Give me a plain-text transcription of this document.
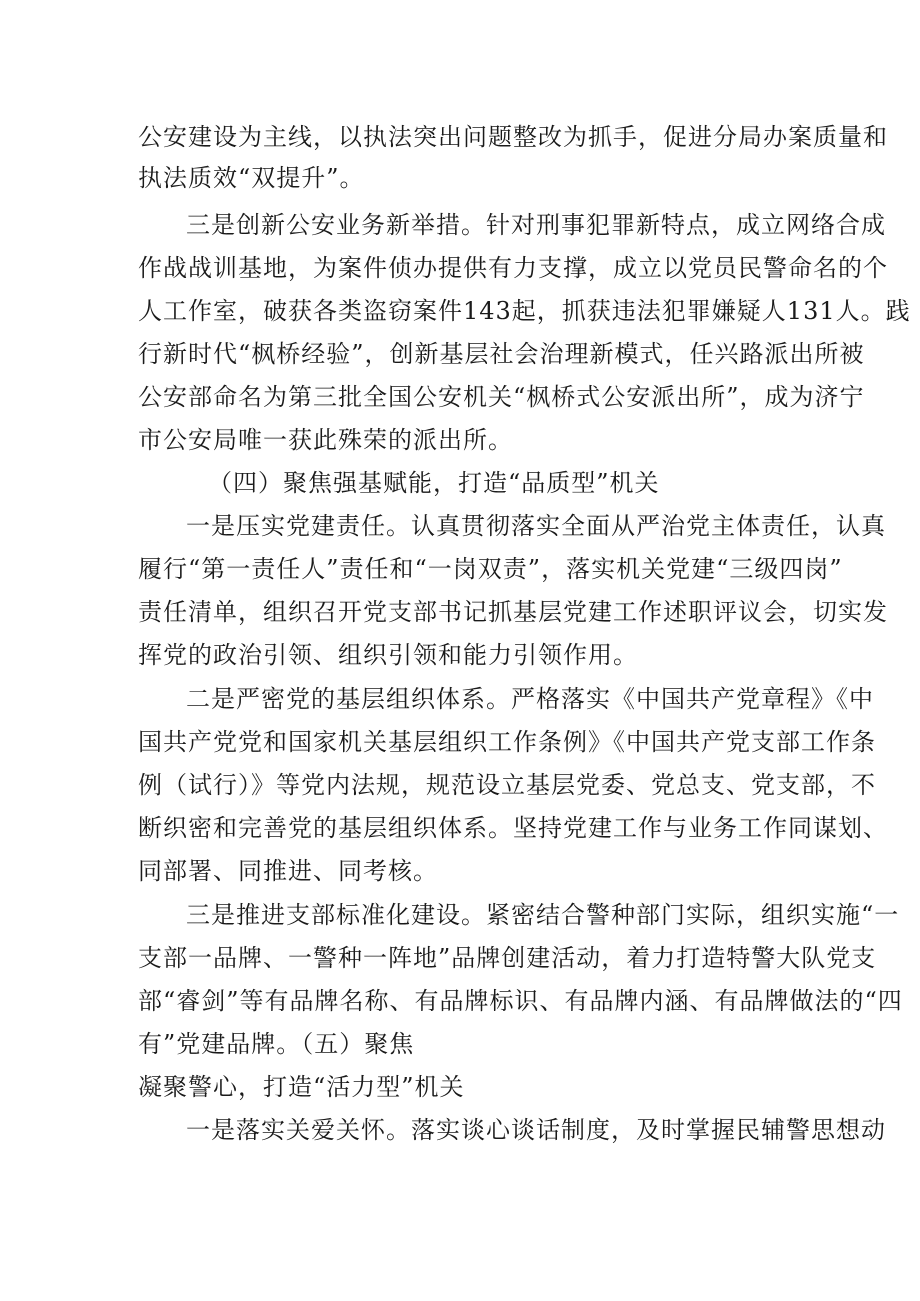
公安建设为主线，以执法突出问题整改为抓手，促进分局办案质量和
执法质效“双提升”。
三是创新公安业务新举措。针对刑事犯罪新特点，成立网络合成
作战战训基地，为案件侦办提供有力支撑，成立以党员民警命名的个
人工作室，破获各类盗窃案件143起，抓获违法犯罪嫌疑人131人。践
行新时代“枫桥经验”，创新基层社会治理新模式，任兴路派出所被
公安部命名为第三批全国公安机关“枫桥式公安派出所”，成为济宁
市公安局唯一获此殊荣的派出所。
（四）聚焦强基赋能，打造“品质型”机关
一是压实党建责任。认真贯彻落实全面从严治党主体责任，认真
履行“第一责任人”责任和“一岗双责”，落实机关党建“三级四岗”
责任清单，组织召开党支部书记抓基层党建工作述职评议会，切实发
挥党的政治引领、组织引领和能力引领作用。
二是严密党的基层组织体系。严格落实《中国共产党章程》《中
国共产党党和国家机关基层组织工作条例》《中国共产党支部工作条
例（试行）》等党内法规，规范设立基层党委、党总支、党支部，不
断织密和完善党的基层组织体系。坚持党建工作与业务工作同谋划、
同部署、同推进、同考核。
三是推进支部标准化建设。紧密结合警种部门实际，组织实施“一
支部一品牌、一警种一阵地”品牌创建活动，着力打造特警大队党支
部“睿剑”等有品牌名称、有品牌标识、有品牌内涵、有品牌做法的“四
有”党建品牌。（五）聚焦
凝聚警心，打造“活力型”机关
一是落实关爱关怀。落实谈心谈话制度，及时掌握民辅警思想动
